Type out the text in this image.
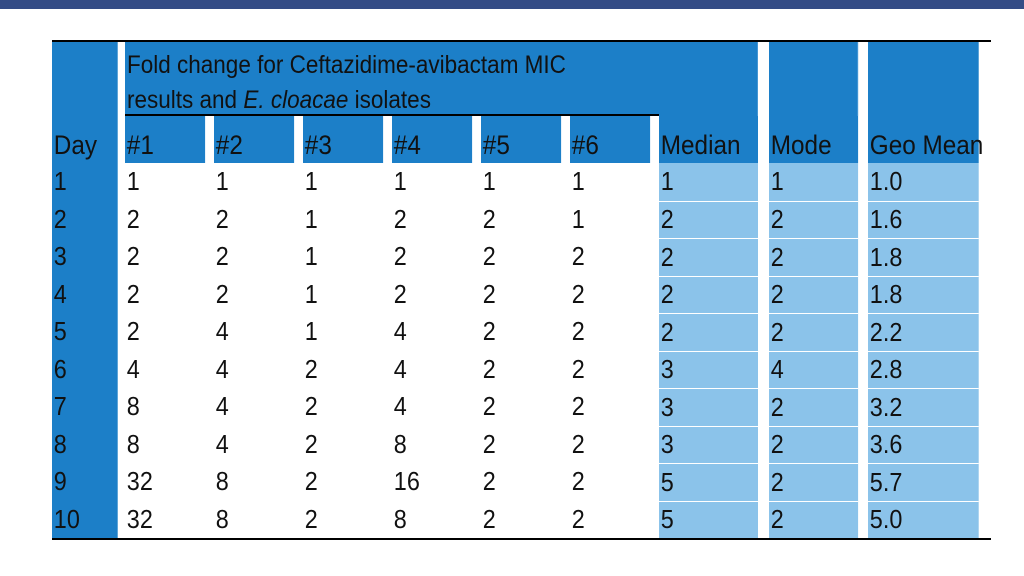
Fold change for Ceftazidime-avibactam MIC
results and E. cloacae isolates
Day	#1	#2	#3	#4	#5	#6	Median	Mode	Geo Mean
1	1	1	1	1	1	1	1	1	1.0
2	2	2	1	2	2	1	2	2	1.6
3	2	2	1	2	2	2	2	2	1.8
4	2	2	1	2	2	2	2	2	1.8
5	2	4	1	4	2	2	2	2	2.2
6	4	4	2	4	2	2	3	4	2.8
7	8	4	2	4	2	2	3	2	3.2
8	8	4	2	8	2	2	3	2	3.6
9	32	8	2	16	2	2	5	2	5.7
10	32	8	2	8	2	2	5	2	5.0
